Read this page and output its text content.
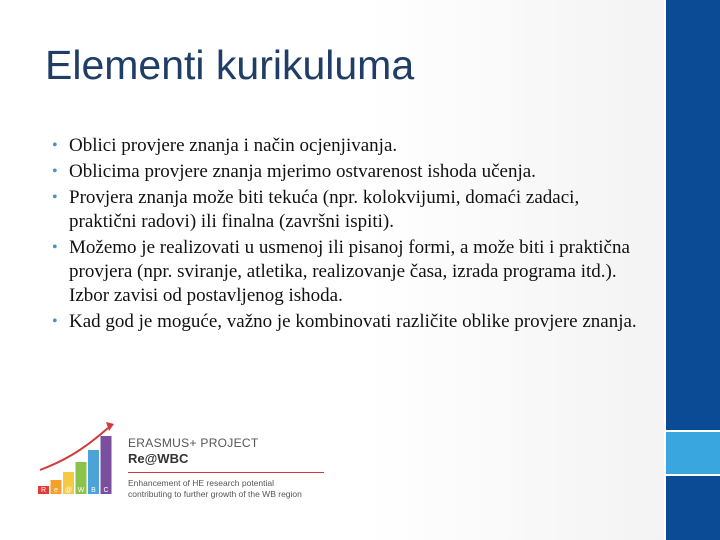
Elementi kurikuluma
• Oblici provjere znanja i način ocjenjivanja.
• Oblicima provjere znanja mjerimo ostvarenost ishoda učenja.
• Provjera znanja može biti tekuća (npr. kolokvijumi, domaći zadaci, praktični radovi) ili finalna (završni ispiti).
• Možemo je realizovati u usmenoj ili pisanoj formi, a može biti i praktična provjera (npr. sviranje, atletika, realizovanje časa, izrada programa itd.). Izbor zavisi od postavljenog ishoda.
• Kad god je moguće, važno je kombinovati različite oblike provjere znanja.
R e @ W B C
ERASMUS+ PROJECT
Re@WBC
Enhancement of HE research potential
contributing to further growth of the WB region
